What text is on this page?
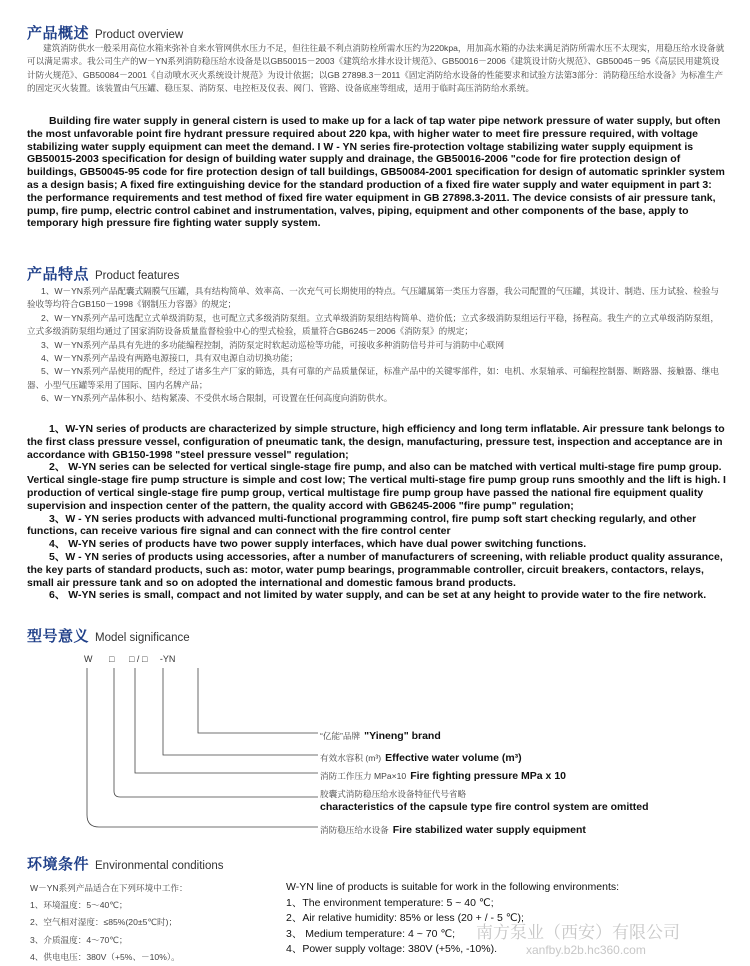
产品概述 Product overview

建筑消防供水一般采用高位水箱来弥补自来水管网供水压力不足，但往往最不利点消防栓所需水压约为220kpa，用加高水箱的办法来满足消防所需水压不太现实，用稳压给水设备就可以满足需求。我公司生产的W－YN系列消防稳压给水设备是以GB50015－2003《建筑给水排水设计规范》、GB50016－2006《建筑设计防火规范》、GB50045－95《高层民用建筑设计防火规范》、GB50084－2001《自动喷水灭火系统设计规范》为设计依据；以GB 27898.3－2011《固定消防给水设备的性能要求和试验方法第3部分：消防稳压给水设备》为标准生产的固定灭火装置。该装置由气压罐、稳压泵、消防泵、电控柜及仪表、阀门、管路、设备底座等组成，适用于临时高压消防给水系统。

Building fire water supply in general cistern is used to make up for a lack of tap water pipe network pressure of water supply, but often the most unfavorable point fire hydrant pressure required about 220 kpa, with higher water to meet fire pressure required, with voltage stabilizing water supply equipment can meet the demand. I W - YN series fire-protection voltage stabilizing water supply equipment is GB50015-2003 specification for design of building water supply and drainage, the GB50016-2006 "code for fire protection design of buildings, GB50045-95 code for fire protection design of tall buildings, GB50084-2001 specification for design of automatic sprinkler system as a design basis; A fixed fire extinguishing device for the standard production of a fixed fire water supply and water equipment in part 3: the performance requirements and test method of fixed fire water equipment in GB 27898.3-2011. The device consists of air pressure tank, pump, fire pump, electric control cabinet and instrumentation, valves, piping, equipment and other components of the base, apply to temporary high pressure fire fighting water supply system.

产品特点 Product features

1、W－YN系列产品配囊式隔膜气压罐，具有结构简单、效率高、一次充气可长期使用的特点。气压罐属第一类压力容器，我公司配置的气压罐，其设计、制造、压力试验、检验与验收等均符合GB150－1998《钢制压力容器》的规定；

2、W－YN系列产品可选配立式单级消防泵，也可配立式多级消防泵组。立式单级消防泵组结构简单、造价低；立式多级消防泵组运行平稳，扬程高。我生产的立式单级消防泵组，立式多级消防泵组均通过了国家消防设备质量监督检验中心的型式检验，质量符合GB6245－2006《消防泵》的规定；

3、W－YN系列产品具有先进的多功能编程控制，消防泵定时软起动巡检等功能，可接收多种消防信号并可与消防中心联网

4、W－YN系列产品设有两路电源接口，具有双电源自动切换功能；

5、W－YN系列产品使用的配件，经过了诸多生产厂家的筛选，具有可靠的产品质量保证，标准产品中的关键零部件，如：电机、水泵轴承、可编程控制器、断路器、接触器、继电器、小型气压罐等采用了国际、国内名牌产品；

6、W－YN系列产品体积小、结构紧凑、不受供水场合限制，可设置在任何高度向消防供水。

1、W-YN series of products are characterized by simple structure, high efficiency and long term inflatable. Air pressure tank belongs to the first class pressure vessel, configuration of pneumatic tank, the design, manufacturing, pressure test, inspection and acceptance are in accordance with GB150-1998 "steel pressure vessel" regulation;

2、 W-YN series can be selected for vertical single-stage fire pump, and also can be matched with vertical multi-stage fire pump group. Vertical single-stage fire pump structure is simple and cost low; The vertical multi-stage fire pump group runs smoothly and the lift is high. I production of vertical single-stage fire pump group, vertical multistage fire pump group have passed the national fire equipment quality supervision and inspection center of the pattern, the quality accord with GB6245-2006 "fire pump" regulation;

3、W - YN series products with advanced multi-functional programming control, fire pump soft start checking regularly, and other functions, can receive various fire signal and can connect with the fire control center

4、 W-YN series of products have two power supply interfaces, which have dual power switching functions.

5、W - YN series of products using accessories, after a number of manufacturers of screening, with reliable product quality assurance, the key parts of standard products, such as: motor, water pump bearings, programmable controller, circuit breakers, contactors, relays, small air pressure tank and so on adopted the international and domestic famous brand products.

6、 W-YN series is small, compact and not limited by water supply, and can be set at any height to provide water to the fire network.

型号意义 Model significance
W □ □ / □ -YN
“亿能”品牌 "Yineng" brand
有效水容积 (m³) Effective water volume (m³)
消防工作压力 MPa×10 Fire fighting pressure MPa x 10
胶囊式消防稳压给水设备特征代号省略
characteristics of the capsule type fire control system are omitted
消防稳压给水设备 Fire stabilized water supply equipment
环境条件 Environmental conditions

W－YN系列产品适合在下列环境中工作：

1、环境温度：5～40℃；

2、空气相对湿度：≤85%(20±5℃时)；

3、介质温度：4～70℃；

4、供电电压：380V（+5%、－10%）。

W-YN line of products is suitable for work in the following environments:

1、The environment temperature: 5 ~ 40 ℃;

2、Air relative humidity: 85% or less (20 + / - 5 ℃);

3、 Medium temperature: 4 ~ 70 ℃;

4、Power supply voltage: 380V (+5%, -10%).

南方泵业（西安）有限公司
xanfby.b2b.hc360.com
